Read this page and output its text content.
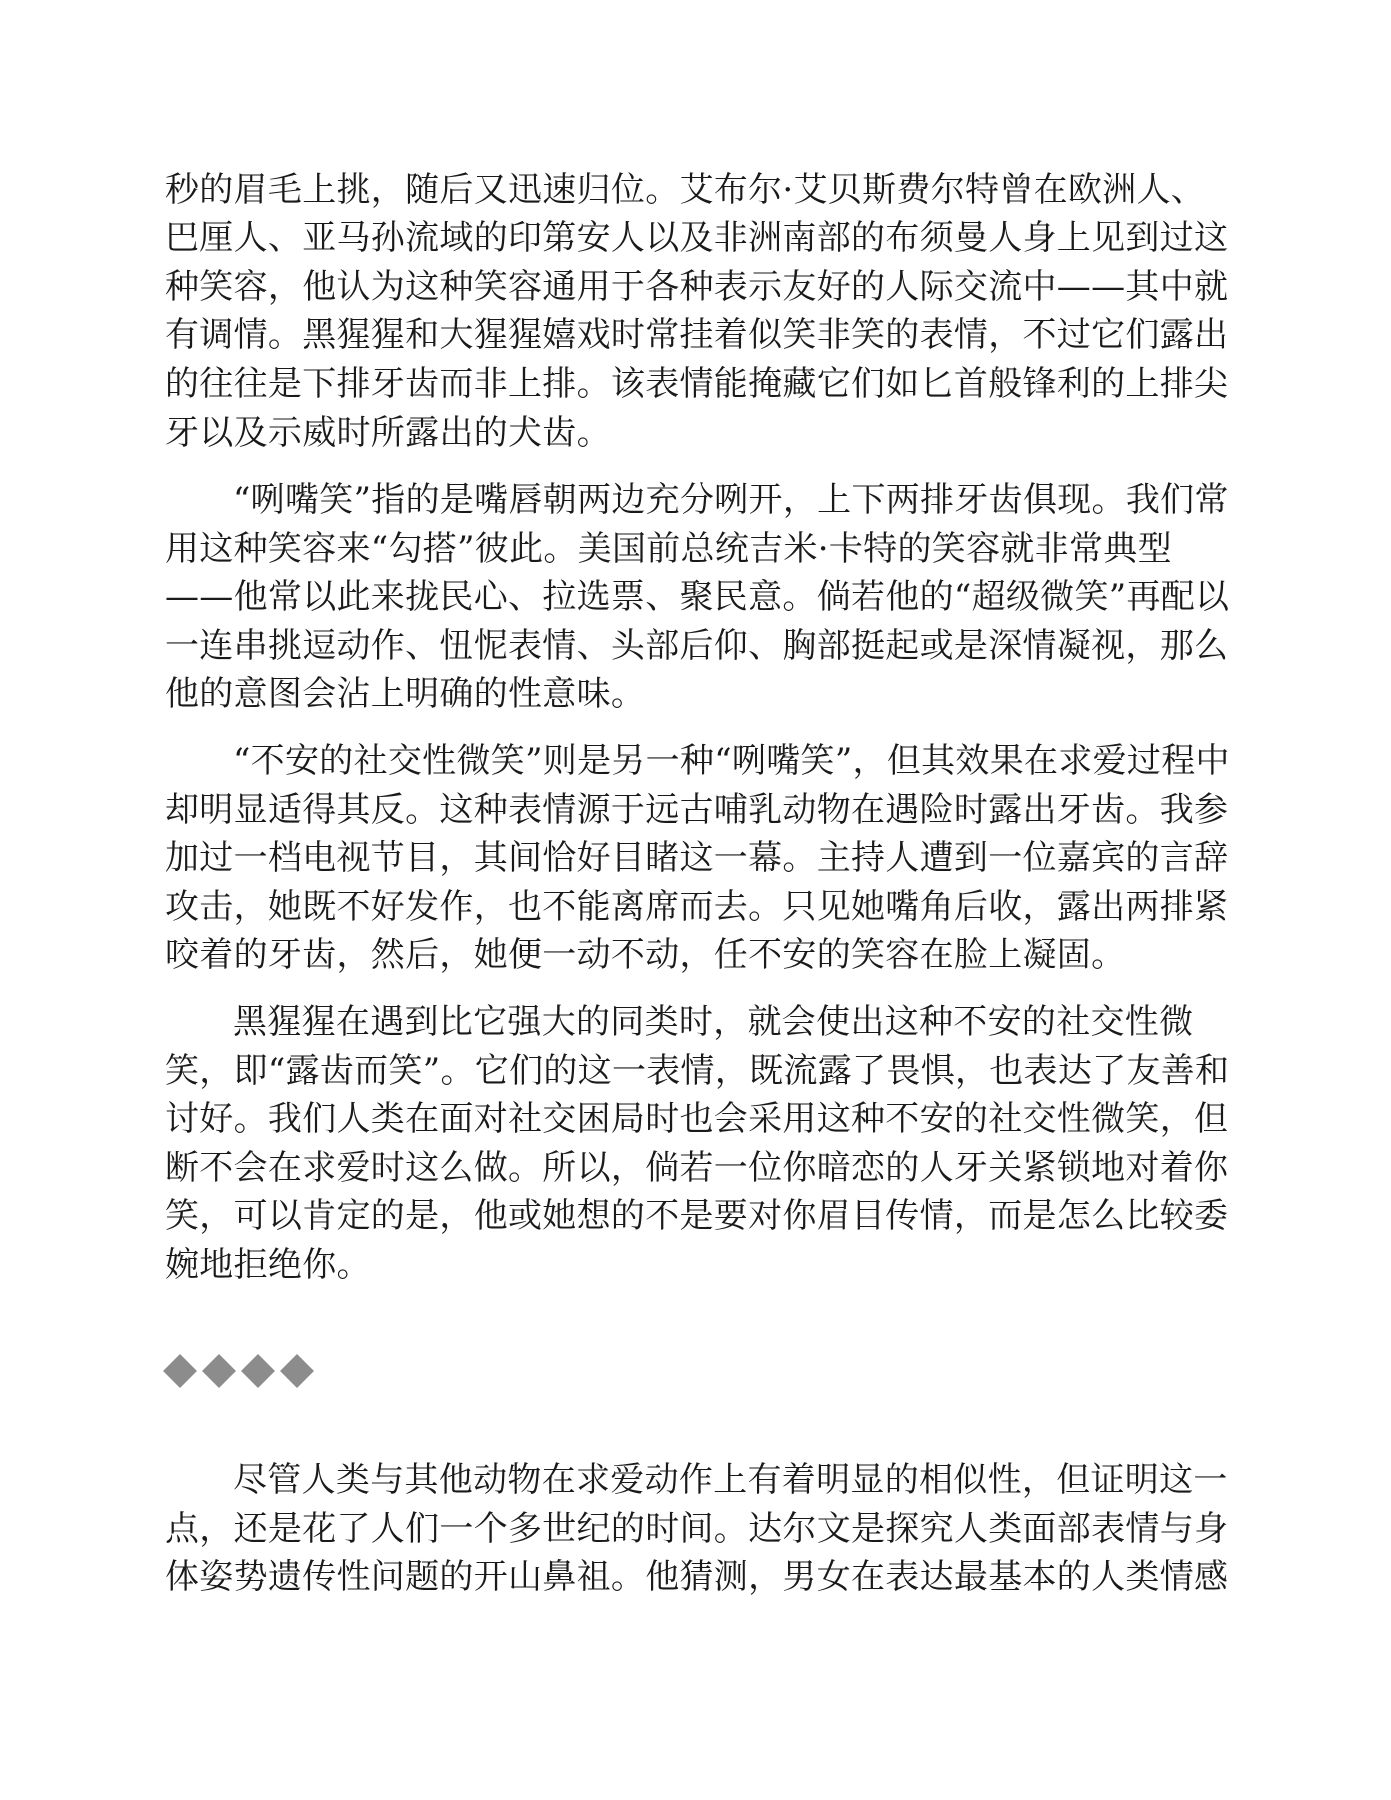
秒的眉毛上挑，随后又迅速归位。艾布尔·艾贝斯费尔特曾在欧洲人、
巴厘人、亚马孙流域的印第安人以及非洲南部的布须曼人身上见到过这
种笑容，他认为这种笑容通用于各种表示友好的人际交流中——其中就
有调情。黑猩猩和大猩猩嬉戏时常挂着似笑非笑的表情，不过它们露出
的往往是下排牙齿而非上排。该表情能掩藏它们如匕首般锋利的上排尖
牙以及示威时所露出的犬齿。
“咧嘴笑”指的是嘴唇朝两边充分咧开，上下两排牙齿俱现。我们常
用这种笑容来“勾搭”彼此。美国前总统吉米·卡特的笑容就非常典型
——他常以此来拢民心、拉选票、聚民意。倘若他的“超级微笑”再配以
一连串挑逗动作、忸怩表情、头部后仰、胸部挺起或是深情凝视，那么
他的意图会沾上明确的性意味。
“不安的社交性微笑”则是另一种“咧嘴笑”，但其效果在求爱过程中
却明显适得其反。这种表情源于远古哺乳动物在遇险时露出牙齿。我参
加过一档电视节目，其间恰好目睹这一幕。主持人遭到一位嘉宾的言辞
攻击，她既不好发作，也不能离席而去。只见她嘴角后收，露出两排紧
咬着的牙齿，然后，她便一动不动，任不安的笑容在脸上凝固。
黑猩猩在遇到比它强大的同类时，就会使出这种不安的社交性微
笑，即“露齿而笑”。它们的这一表情，既流露了畏惧，也表达了友善和
讨好。我们人类在面对社交困局时也会采用这种不安的社交性微笑，但
断不会在求爱时这么做。所以，倘若一位你暗恋的人牙关紧锁地对着你
笑，可以肯定的是，他或她想的不是要对你眉目传情，而是怎么比较委
婉地拒绝你。
尽管人类与其他动物在求爱动作上有着明显的相似性，但证明这一
点，还是花了人们一个多世纪的时间。达尔文是探究人类面部表情与身
体姿势遗传性问题的开山鼻祖。他猜测，男女在表达最基本的人类情感
